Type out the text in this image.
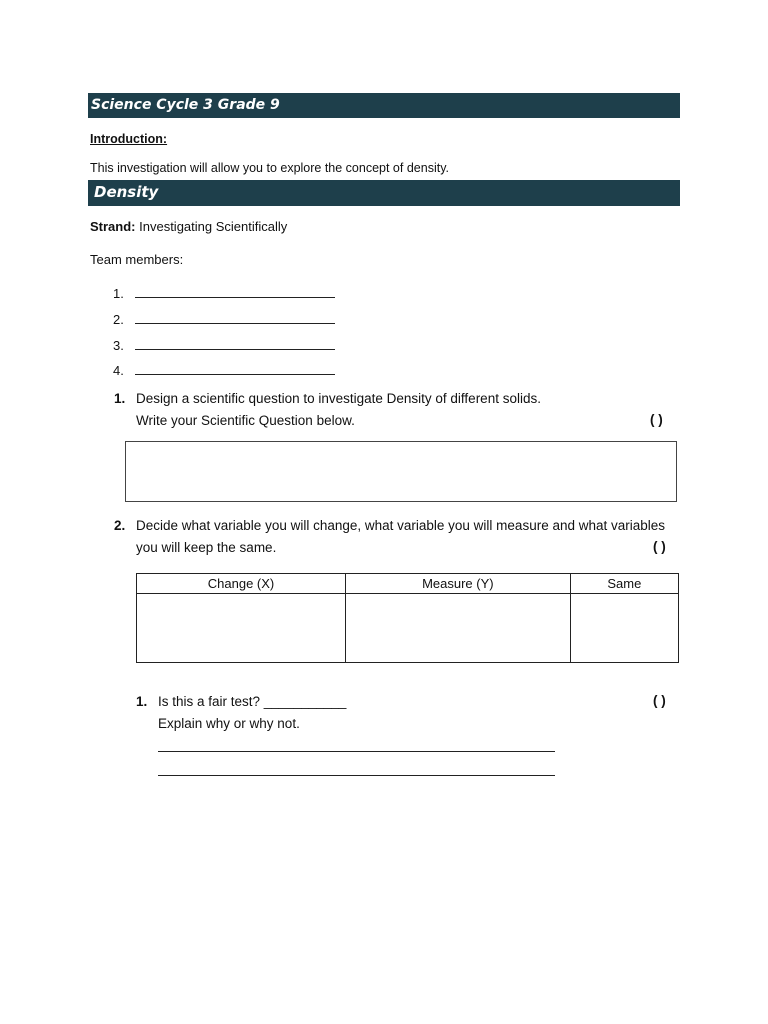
Science Cycle 3 Grade 9
Introduction:
This investigation will allow you to explore the concept of density.
Density
Strand: Investigating Scientifically
Team members:
1.
2.
3.
4.
1. Design a scientific question to investigate Density of different solids.
Write your Scientific Question below.	( )
2. Decide what variable you will change, what variable you will measure and what variables
you will keep the same.	( )
Change (X)	Measure (Y)	Same

1. Is this a fair test? ___________
Explain why or why not.
( )
